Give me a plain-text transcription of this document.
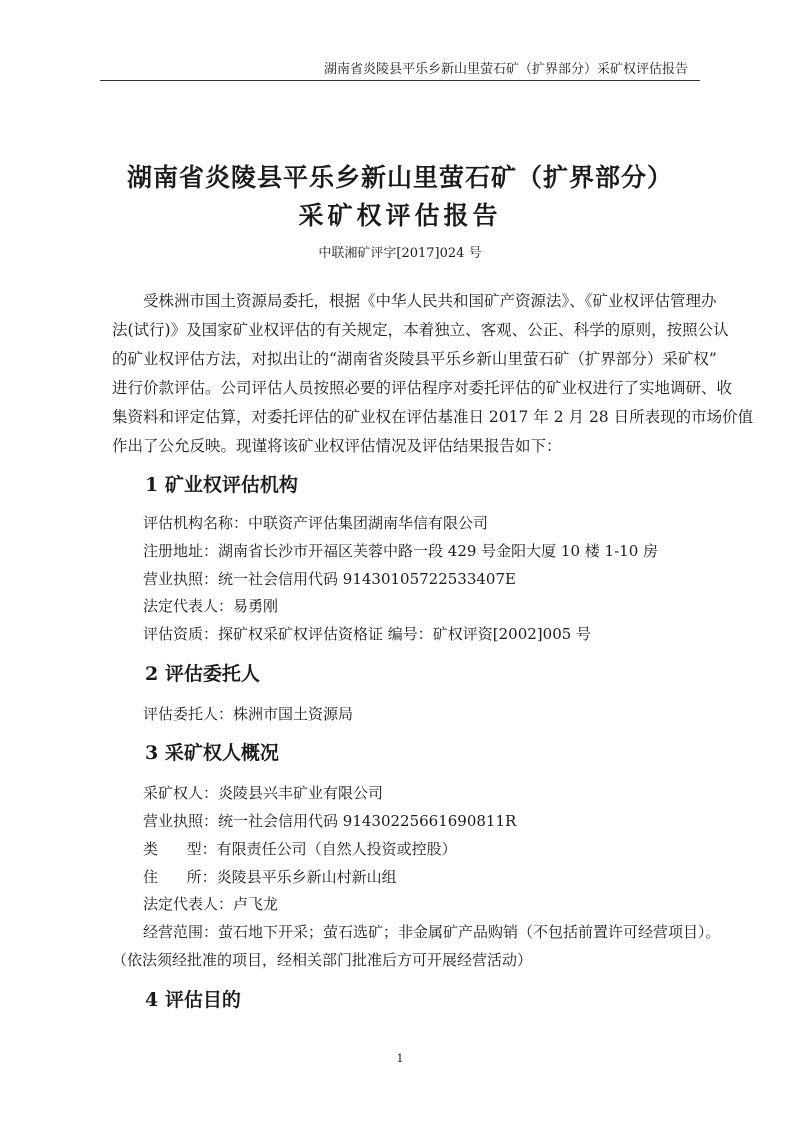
湖南省炎陵县平乐乡新山里萤石矿（扩界部分）采矿权评估报告
湖南省炎陵县平乐乡新山里萤石矿（扩界部分）
采矿权评估报告
中联湘矿评字[2017]024 号
受株洲市国土资源局委托，根据《中华人民共和国矿产资源法》、《矿业权评估管理办
法(试行)》及国家矿业权评估的有关规定，本着独立、客观、公正、科学的原则，按照公认
的矿业权评估方法，对拟出让的“湖南省炎陵县平乐乡新山里萤石矿（扩界部分）采矿权”
进行价款评估。公司评估人员按照必要的评估程序对委托评估的矿业权进行了实地调研、收
集资料和评定估算，对委托评估的矿业权在评估基准日 2017 年 2 月 28 日所表现的市场价值
作出了公允反映。现谨将该矿业权评估情况及评估结果报告如下：
1 矿业权评估机构
评估机构名称：中联资产评估集团湖南华信有限公司
注册地址：湖南省长沙市开福区芙蓉中路一段 429 号金阳大厦 10 楼 1-10 房
营业执照：统一社会信用代码 91430105722533407E
法定代表人：易勇刚
评估资质：探矿权采矿权评估资格证 编号：矿权评资[2002]005 号
2 评估委托人
评估委托人：株洲市国土资源局
3 采矿权人概况
采矿权人：炎陵县兴丰矿业有限公司
营业执照：统一社会信用代码 91430225661690811R
类      型：有限责任公司（自然人投资或控股）
住      所：炎陵县平乐乡新山村新山组
法定代表人：卢飞龙
经营范围：萤石地下开采；萤石选矿；非金属矿产品购销（不包括前置许可经营项目）。
（依法须经批准的项目，经相关部门批准后方可开展经营活动）
4 评估目的
1
